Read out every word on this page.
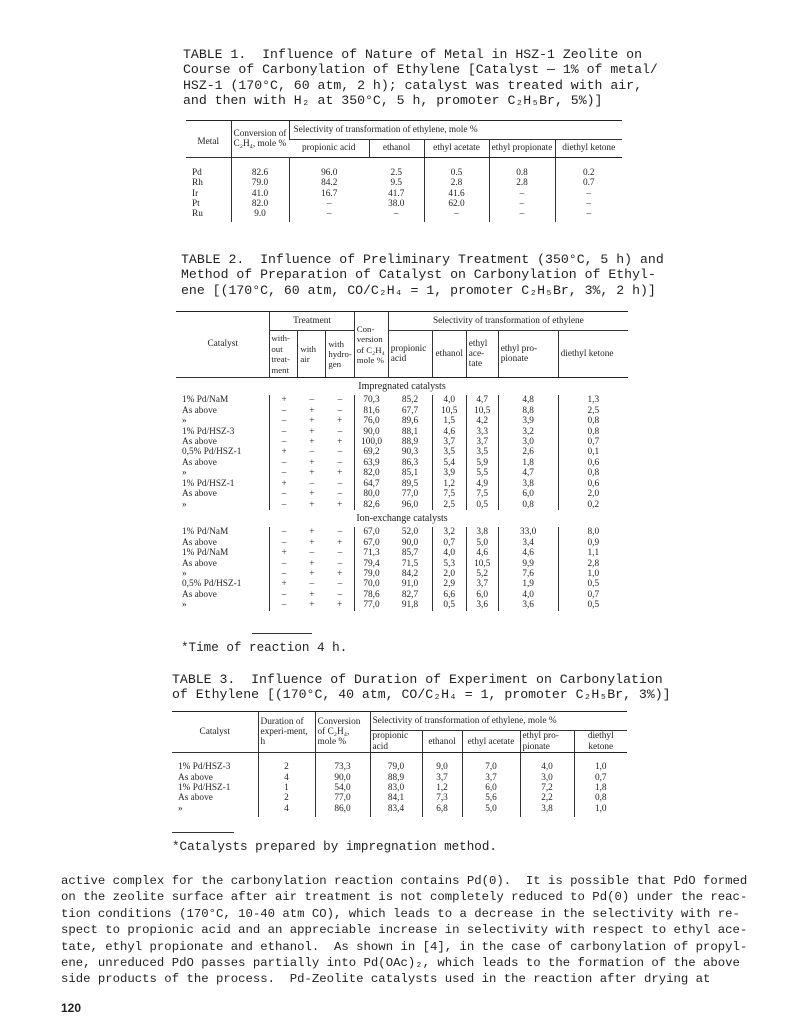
TABLE 1.  Influence of Nature of Metal in HSZ-1 Zeolite on
Course of Carbonylation of Ethylene [Catalyst — 1% of metal/
HSZ-1 (170°C, 60 atm, 2 h); catalyst was treated with air,
and then with H₂ at 350°C, 5 h, promoter C₂H₅Br, 5%)]
Metal	Conversion of C₂H₄, mole %	Selectivity of transformation of ethylene, mole %				
		propionic acid	ethanol	ethyl acetate	ethyl propionate	diethyl ketone
Pd	82.6	96.0	2.5	0.5	0.8	0.2
Rh	79.0	84.2	9.5	2.8	2.8	0.7
Ir	41.0	16.7	41.7	41.6	–	–
Pt	82.0	–	38.0	62.0	–	–
Ru	9.0	–	–	–	–	–
TABLE 2.  Influence of Preliminary Treatment (350°C, 5 h) and
Method of Preparation of Catalyst on Carbonylation of Ethyl-
ene [(170°C, 60 atm, CO/C₂H₄ = 1, promoter C₂H₅Br, 3%, 2 h)]
Catalyst	Treatment			Con-version of C₂H₄ mole %	Selectivity of transformation of ethylene				
	with-out treat-ment	with air	with hydro-gen		propionic acid	ethanol	ethyl ace-tate	ethyl pro-pionate	diethyl ketone
Impregnated catalysts									
1% Pd/NaM	+	–	–	70,3	85,2	4,0	4,7	4,8	1,3
As above	–	+	–	81,6	67,7	10,5	10,5	8,8	2,5
»	–	+	+	76,0	89,6	1,5	4,2	3,9	0,8
1% Pd/HSZ-3	–	+	–	90,0	88,1	4,6	3,3	3,2	0,8
As above	–	+	+	100,0	88,9	3,7	3,7	3,0	0,7
0,5% Pd/HSZ-1	+	–	–	69,2	90,3	3,5	3,5	2,6	0,1
As above	–	+	–	63,9	86,3	5,4	5,9	1,8	0,6
»	–	+	+	82,0	85,1	3,9	5,5	4,7	0,8
1% Pd/HSZ-1	+	–	–	64,7	89,5	1,2	4,9	3,8	0,6
As above	–	+	–	80,0	77,0	7,5	7,5	6,0	2,0
»	–	+	+	82,6	96,0	2,5	0,5	0,8	0,2
Ion-exchange catalysts									
1% Pd/NaM	–	+	–	67,0	52,0	3,2	3,8	33,0	8,0
As above	–	+	+	67,0	90,0	0,7	5,0	3,4	0,9
1% Pd/NaM	+	–	–	71,3	85,7	4,0	4,6	4,6	1,1
As above	–	+	–	79,4	71,5	5,3	10,5	9,9	2,8
»	–	+	+	79,0	84,2	2,0	5,2	7,6	1,0
0,5% Pd/HSZ-1	+	–	–	70,0	91,0	2,9	3,7	1,9	0,5
As above	–	+	–	78,6	82,7	6,6	6,0	4,0	0,7
»	–	+	+	77,0	91,8	0,5	3,6	3,6	0,5
*Time of reaction 4 h.
TABLE 3.  Influence of Duration of Experiment on Carbonylation
of Ethylene [(170°C, 40 atm, CO/C₂H₄ = 1, promoter C₂H₅Br, 3%)]
Catalyst	Duration of experi-ment, h	Conversion of C₂H₄, mole %	Selectivity of transformation of ethylene, mole %				
			propionic acid	ethanol	ethyl acetate	ethyl pro-pionate	diethyl ketone
1% Pd/HSZ-3	2	73,3	79,0	9,0	7,0	4,0	1,0
As above	4	90,0	88,9	3,7	3,7	3,0	0,7
1% Pd/HSZ-1	1	54,0	83,0	1,2	6,0	7,2	1,8
As above	2	77,0	84,1	7,3	5,6	2,2	0,8
»	4	86,0	83,4	6,8	5,0	3,8	1,0
*Catalysts prepared by impregnation method.
active complex for the carbonylation reaction contains Pd(0).  It is possible that PdO formed
on the zeolite surface after air treatment is not completely reduced to Pd(0) under the reac-
tion conditions (170°C, 10-40 atm CO), which leads to a decrease in the selectivity with re-
spect to propionic acid and an appreciable increase in selectivity with respect to ethyl ace-
tate, ethyl propionate and ethanol.  As shown in [4], in the case of carbonylation of propyl-
ene, unreduced PdO passes partially into Pd(OAc)₂, which leads to the formation of the above
side products of the process.  Pd-Zeolite catalysts used in the reaction after drying at
120
